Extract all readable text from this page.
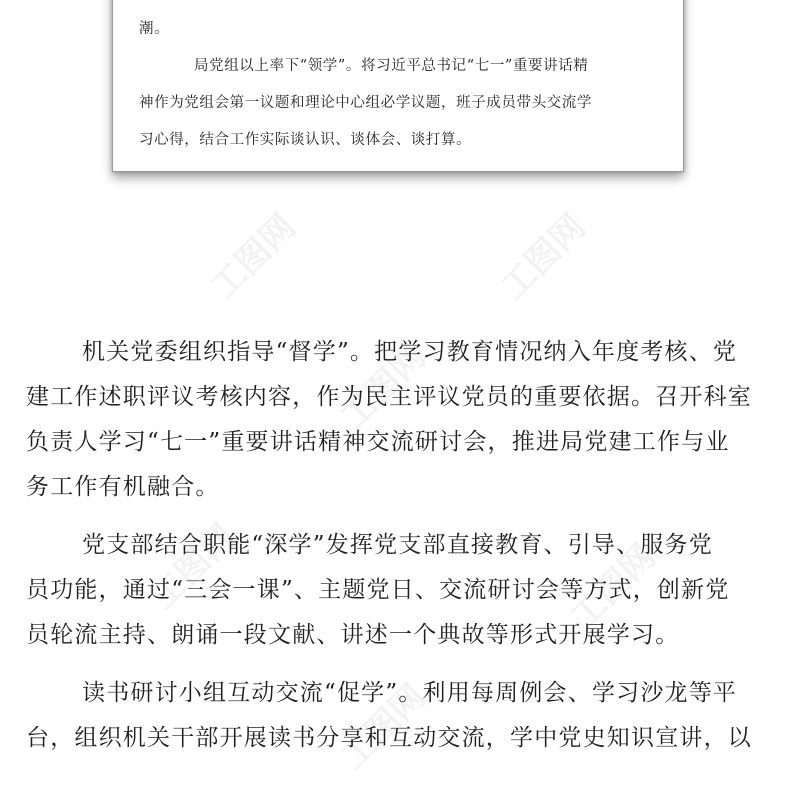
工图网	工图网
工图网
工图网	工图网
工图网
潮。
局党组以上率下“领学”。将习近平总书记“七一”重要讲话精
神作为党组会第一议题和理论中心组必学议题，班子成员带头交流学
习心得，结合工作实际谈认识、谈体会、谈打算。
机关党委组织指导“督学”。把学习教育情况纳入年度考核、党
建工作述职评议考核内容，作为民主评议党员的重要依据。召开科室
负责人学习“七一”重要讲话精神交流研讨会，推进局党建工作与业
务工作有机融合。
党支部结合职能“深学”发挥党支部直接教育、引导、服务党
员功能，通过“三会一课”、主题党日、交流研讨会等方式，创新党
员轮流主持、朗诵一段文献、讲述一个典故等形式开展学习。
读书研讨小组互动交流“促学”。利用每周例会、学习沙龙等平
台，组织机关干部开展读书分享和互动交流，学中党史知识宣讲，以
